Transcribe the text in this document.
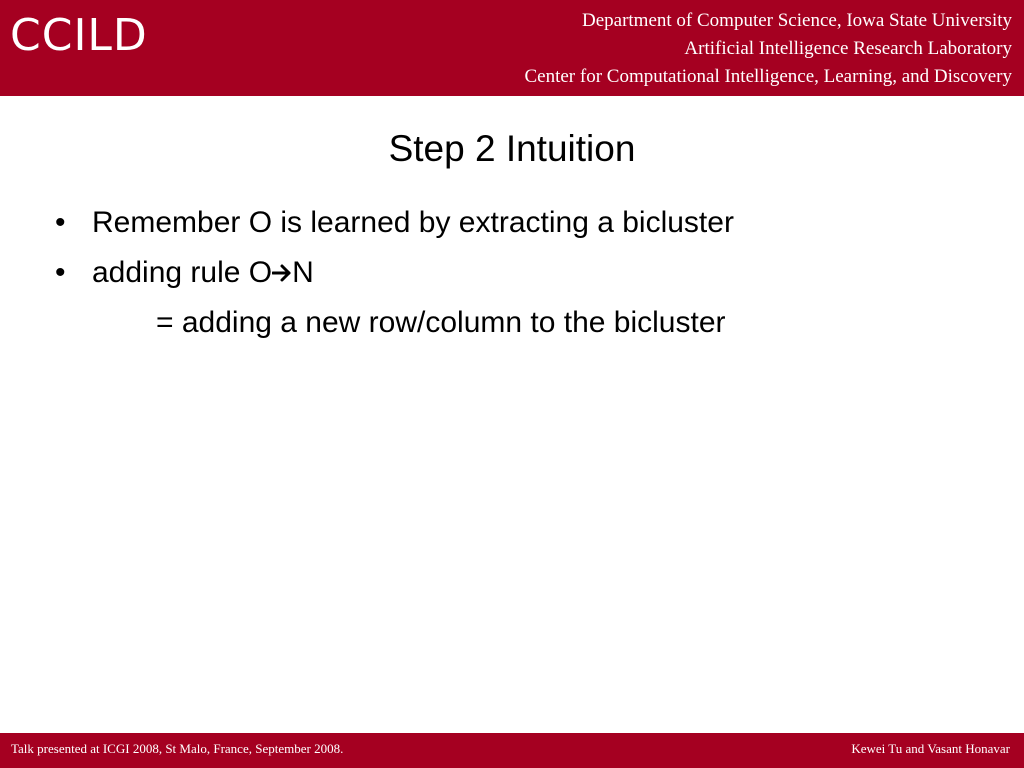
CCILD	Department of Computer Science, Iowa State University
Artificial Intelligence Research Laboratory
Center for Computational Intelligence, Learning, and Discovery
Step 2 Intuition
• Remember O is learned by extracting a bicluster
• adding rule O N
= adding a new row/column to the bicluster
Talk presented at ICGI 2008, St Malo, France, September 2008.	Kewei Tu and Vasant Honavar
